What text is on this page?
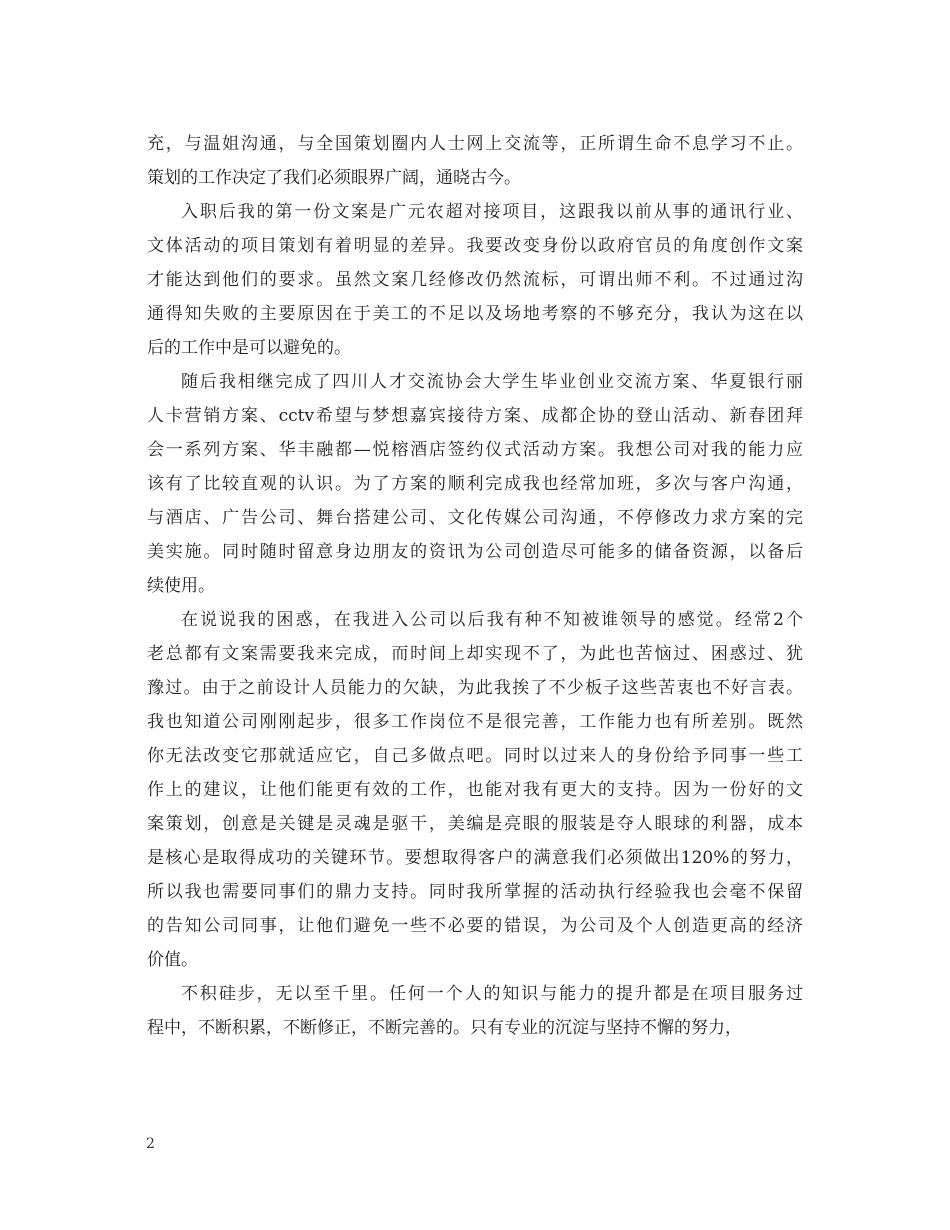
充，与温姐沟通，与全国策划圈内人士网上交流等，正所谓生命不息学习不止。
策划的工作决定了我们必须眼界广阔，通晓古今。
入职后我的第一份文案是广元农超对接项目，这跟我以前从事的通讯行业、
文体活动的项目策划有着明显的差异。我要改变身份以政府官员的角度创作文案
才能达到他们的要求。虽然文案几经修改仍然流标，可谓出师不利。不过通过沟
通得知失败的主要原因在于美工的不足以及场地考察的不够充分，我认为这在以
后的工作中是可以避免的。
随后我相继完成了四川人才交流协会大学生毕业创业交流方案、华夏银行丽
人卡营销方案、cctv希望与梦想嘉宾接待方案、成都企协的登山活动、新春团拜
会一系列方案、华丰融都—悦榕酒店签约仪式活动方案。我想公司对我的能力应
该有了比较直观的认识。为了方案的顺利完成我也经常加班，多次与客户沟通，
与酒店、广告公司、舞台搭建公司、文化传媒公司沟通，不停修改力求方案的完
美实施。同时随时留意身边朋友的资讯为公司创造尽可能多的储备资源，以备后
续使用。
在说说我的困惑，在我进入公司以后我有种不知被谁领导的感觉。经常2个
老总都有文案需要我来完成，而时间上却实现不了，为此也苦恼过、困惑过、犹
豫过。由于之前设计人员能力的欠缺，为此我挨了不少板子这些苦衷也不好言表。
我也知道公司刚刚起步，很多工作岗位不是很完善，工作能力也有所差别。既然
你无法改变它那就适应它，自己多做点吧。同时以过来人的身份给予同事一些工
作上的建议，让他们能更有效的工作，也能对我有更大的支持。因为一份好的文
案策划，创意是关键是灵魂是驱干，美编是亮眼的服装是夺人眼球的利器，成本
是核心是取得成功的关键环节。要想取得客户的满意我们必须做出120%的努力，
所以我也需要同事们的鼎力支持。同时我所掌握的活动执行经验我也会毫不保留
的告知公司同事，让他们避免一些不必要的错误，为公司及个人创造更高的经济
价值。
不积硅步，无以至千里。任何一个人的知识与能力的提升都是在项目服务过
程中，不断积累，不断修正，不断完善的。只有专业的沉淀与坚持不懈的努力，
2
